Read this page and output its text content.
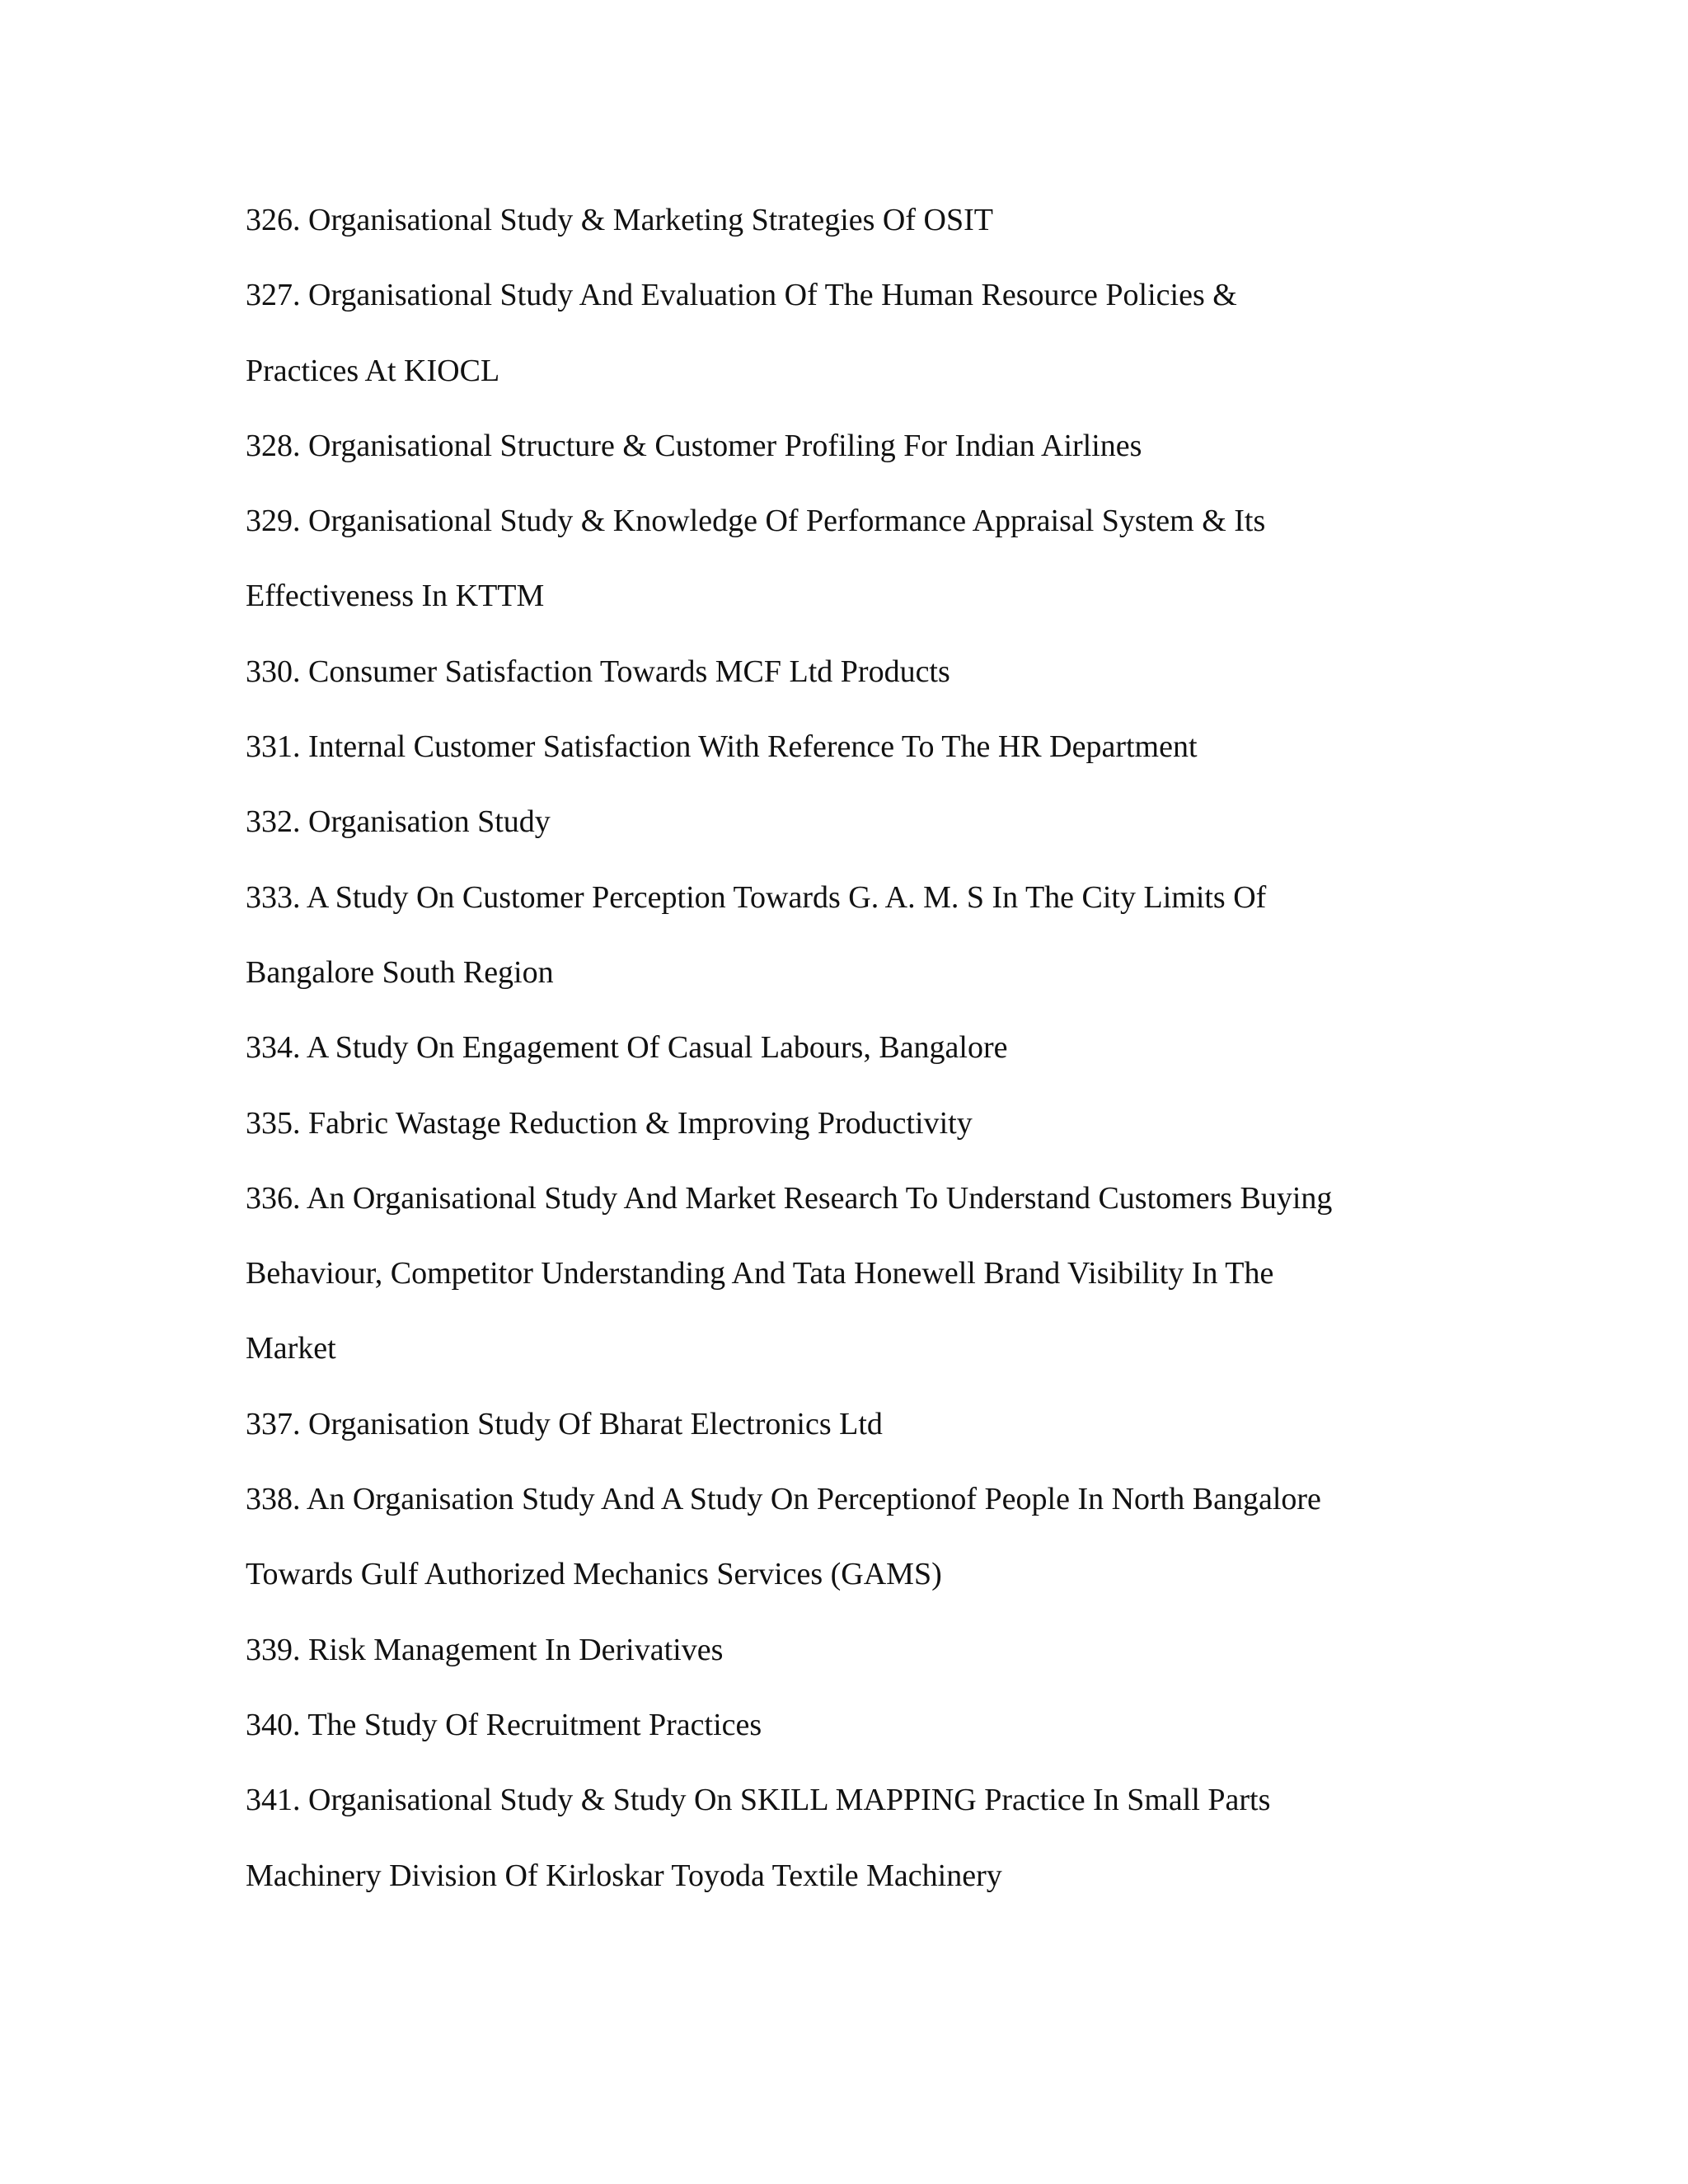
326. Organisational Study & Marketing Strategies Of OSIT
327. Organisational Study And Evaluation Of The Human Resource Policies &
Practices At KIOCL
328. Organisational Structure & Customer Profiling For Indian Airlines
329. Organisational Study & Knowledge Of Performance Appraisal System & Its
Effectiveness In KTTM
330. Consumer Satisfaction Towards MCF Ltd Products
331. Internal Customer Satisfaction With Reference To The HR Department
332. Organisation Study
333. A Study On Customer Perception Towards G. A. M. S In The City Limits Of
Bangalore South Region
334. A Study On Engagement Of Casual Labours, Bangalore
335. Fabric Wastage Reduction & Improving Productivity
336. An Organisational Study And Market Research To Understand Customers Buying
Behaviour, Competitor Understanding And Tata Honewell Brand Visibility In The
Market
337. Organisation Study Of Bharat Electronics Ltd
338. An Organisation Study And A Study On Perceptionof People In North Bangalore
Towards Gulf Authorized Mechanics Services (GAMS)
339. Risk Management In Derivatives
340. The Study Of Recruitment Practices
341. Organisational Study & Study On SKILL MAPPING Practice In Small Parts
Machinery Division Of Kirloskar Toyoda Textile Machinery
